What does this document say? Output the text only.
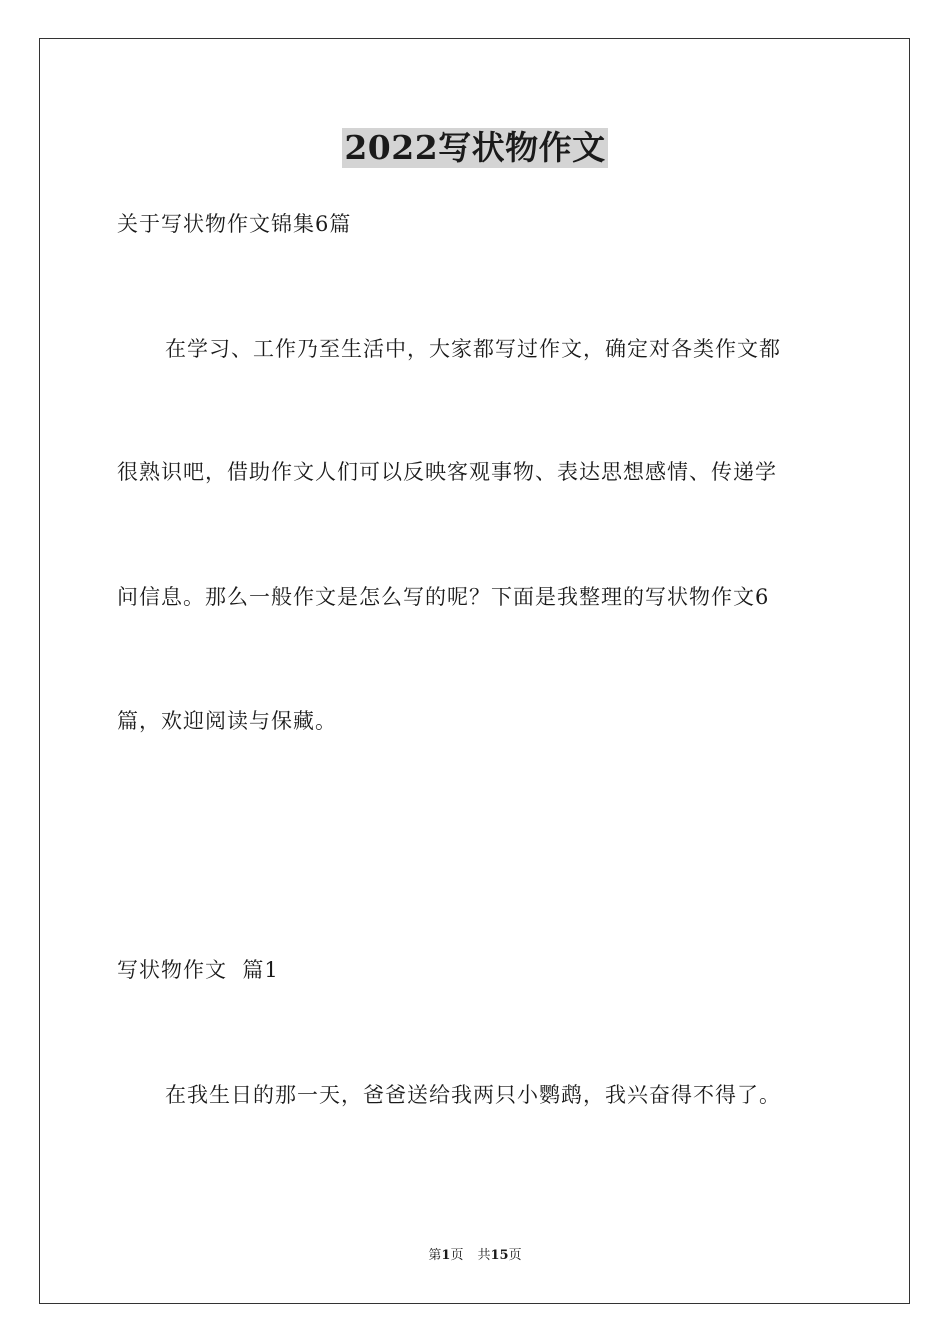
2022写状物作文
关于写状物作文锦集6篇
在学习、工作乃至生活中，大家都写过作文，确定对各类作文都
很熟识吧，借助作文人们可以反映客观事物、表达思想感情、传递学
问信息。那么一般作文是怎么写的呢？下面是我整理的写状物作文6
篇，欢迎阅读与保藏。
写状物作文  篇1
在我生日的那一天，爸爸送给我两只小鹦鹉，我兴奋得不得了。
第1页 共15页
